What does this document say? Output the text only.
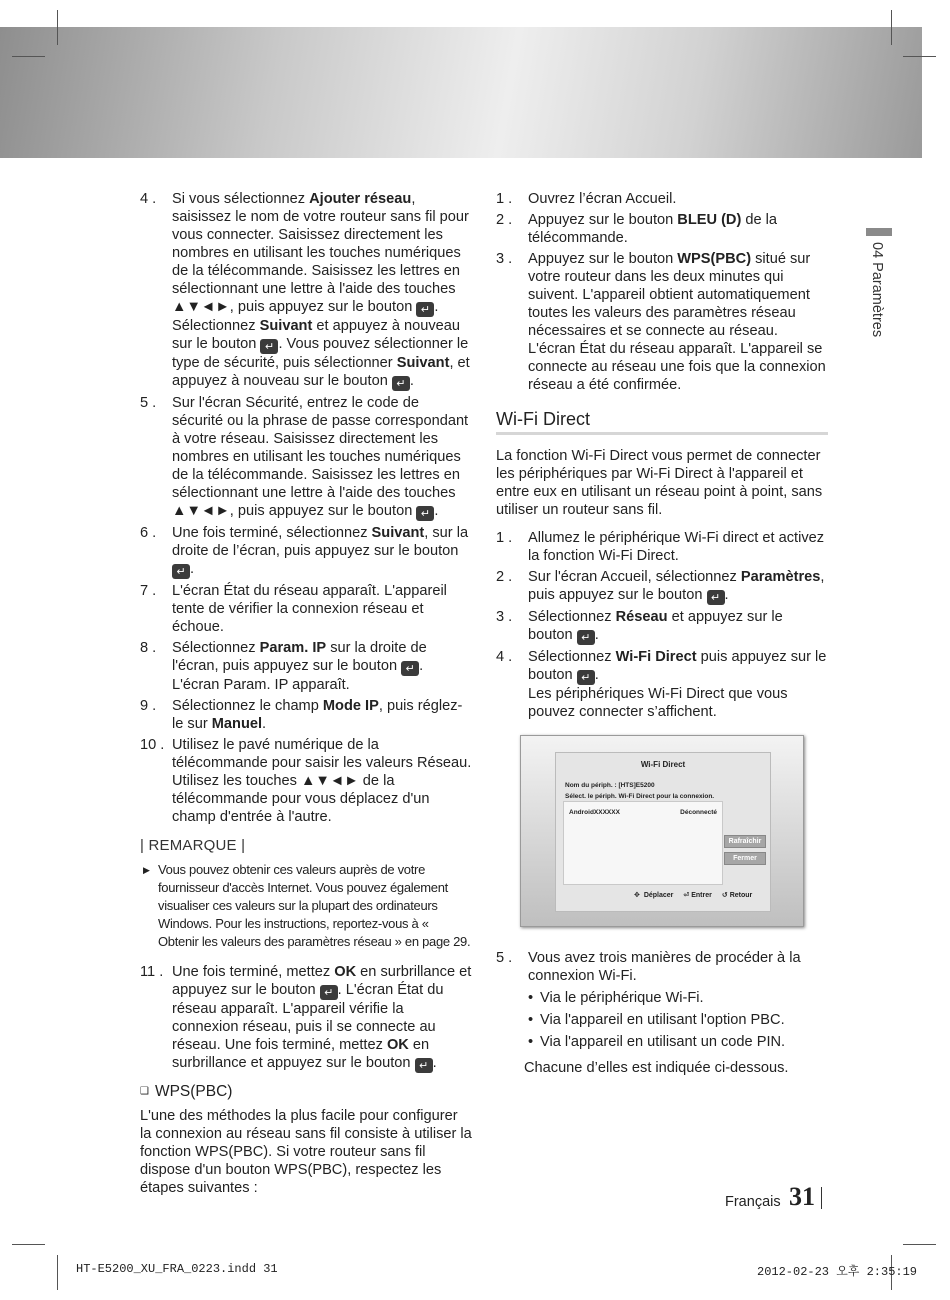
4 . Si vous sélectionnez Ajouter réseau, saisissez le nom de votre routeur sans fil pour vous connecter. Saisissez directement les nombres en utilisant les touches numériques de la télécommande. Saisissez les lettres en sélectionnant une lettre à l'aide des touches ▲▼◄►, puis appuyez sur le bouton ↵ . Sélectionnez Suivant et appuyez à nouveau sur le bouton ↵ . Vous pouvez sélectionner le type de sécurité, puis sélectionner Suivant, et appuyez à nouveau sur le bouton ↵ .
5 . Sur l'écran Sécurité, entrez le code de sécurité ou la phrase de passe correspondant à votre réseau. Saisissez directement les nombres en utilisant les touches numériques de la télécommande. Saisissez les lettres en sélectionnant une lettre à l'aide des touches ▲▼◄►, puis appuyez sur le bouton ↵ .
6 . Une fois terminé, sélectionnez Suivant, sur la droite de l’écran, puis appuyez sur le bouton ↵ .
7 . L'écran État du réseau apparaît. L'appareil tente de vérifier la connexion réseau et échoue.
8 . Sélectionnez Param. IP sur la droite de l'écran, puis appuyez sur le bouton ↵ . L'écran Param. IP apparaît.
9 . Sélectionnez le champ Mode IP, puis réglez-le sur Manuel.
10 . Utilisez le pavé numérique de la télécommande pour saisir les valeurs Réseau. Utilisez les touches ▲▼◄► de la télécommande pour vous déplacez d'un champ d'entrée à l'autre.
| REMARQUE |
▶ Vous pouvez obtenir ces valeurs auprès de votre fournisseur d'accès Internet. Vous pouvez également visualiser ces valeurs sur la plupart des ordinateurs Windows. Pour les instructions, reportez-vous à « Obtenir les valeurs des paramètres réseau » en page 29.
11 . Une fois terminé, mettez OK en surbrillance et appuyez sur le bouton ↵ . L'écran État du réseau apparaît. L'appareil vérifie la connexion réseau, puis il se connecte au réseau. Une fois terminé, mettez OK en surbrillance et appuyez sur le bouton ↵ .
❑ WPS(PBC)
L'une des méthodes la plus facile pour configurer la connexion au réseau sans fil consiste à utiliser la fonction WPS(PBC). Si votre routeur sans fil dispose d'un bouton WPS(PBC), respectez les étapes suivantes :
1 . Ouvrez l’écran Accueil.
2 . Appuyez sur le bouton BLEU (D) de la télécommande.
3 . Appuyez sur le bouton WPS(PBC) situé sur votre routeur dans les deux minutes qui suivent. L'appareil obtient automatiquement toutes les valeurs des paramètres réseau nécessaires et se connecte au réseau. L'écran État du réseau apparaît. L'appareil se connecte au réseau une fois que la connexion réseau a été confirmée.
Wi-Fi Direct
La fonction Wi-Fi Direct vous permet de connecter les périphériques par Wi-Fi Direct à l'appareil et entre eux en utilisant un réseau point à point, sans utiliser un routeur sans fil.
1 . Allumez le périphérique Wi-Fi direct et activez la fonction Wi-Fi Direct.
2 . Sur l'écran Accueil, sélectionnez Paramètres, puis appuyez sur le bouton ↵ .
3 . Sélectionnez Réseau et appuyez sur le bouton ↵ .
4 . Sélectionnez Wi-Fi Direct puis appuyez sur le bouton ↵ .
Les périphériques Wi-Fi Direct que vous pouvez connecter s’affichent.
Wi-Fi Direct
Nom du périph. : [HTS]E5200
Sélect. le périph. Wi-Fi Direct pour la connexion.
AndroidXXXXXX	Déconnecté
Rafraîchir
Fermer
✥ Déplacer ⏎ Entrer ↺ Retour
5 . Vous avez trois manières de procéder à la connexion Wi-Fi.
• Via le périphérique Wi-Fi.
• Via l'appareil en utilisant l'option PBC.
• Via l'appareil en utilisant un code PIN.
Chacune d’elles est indiquée ci-dessous.
04 Paramètres
Français 31
HT-E5200_XU_FRA_0223.indd 31	2012-02-23 오후 2:35:19
